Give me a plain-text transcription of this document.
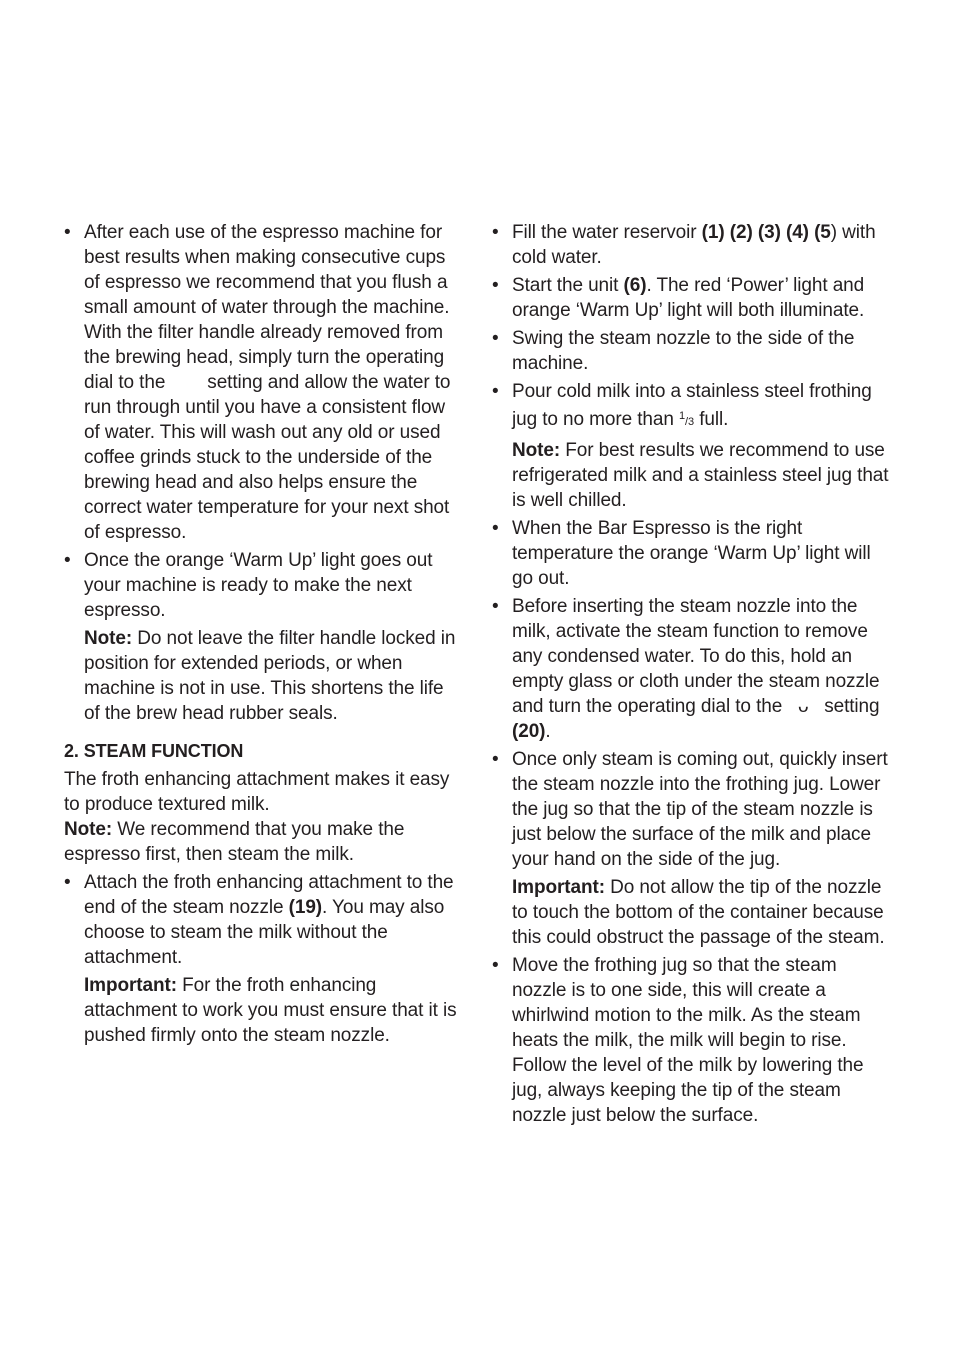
• After each use of the espresso machine for best results when making consecutive cups of espresso we recommend that you flush a small amount of water through the machine. With the filter handle already removed from the brewing head, simply turn the operating dial to the setting and allow the water to run through until you have a consistent flow of water. This will wash out any old or used coffee grinds stuck to the underside of the brewing head and also helps ensure the correct water temperature for your next shot of espresso.

• Once the orange ‘Warm Up’ light goes out your machine is ready to make the next espresso.

Note: Do not leave the filter handle locked in position for extended periods, or when machine is not in use. This shortens the life of the brew head rubber seals.
2. STEAM FUNCTION
The froth enhancing attachment makes it easy to produce textured milk.
Note: We recommend that you make the espresso first, then steam the milk.
• Attach the froth enhancing attachment to the end of the steam nozzle (19). You may also choose to steam the milk without the attachment.

Important: For the froth enhancing attachment to work you must ensure that it is pushed firmly onto the steam nozzle.
• Fill the water reservoir (1) (2) (3) (4) (5) with cold water.

• Start the unit (6). The red ‘Power’ light and orange ‘Warm Up’ light will both illuminate.

• Swing the steam nozzle to the side of the machine.

• Pour cold milk into a stainless steel frothing jug to no more than $^1$/3 full.

Note: For best results we recommend to use refrigerated milk and a stainless steel jug that is well chilled.
• When the Bar Espresso is the right temperature the orange ‘Warm Up’ light will go out.

• Before inserting the steam nozzle into the milk, activate the steam function to remove any condensed water. To do this, hold an empty glass or cloth under the steam nozzle and turn the operating dial to the ᴗ setting (20).

• Once only steam is coming out, quickly insert the steam nozzle into the frothing jug. Lower the jug so that the tip of the steam nozzle is just below the surface of the milk and place your hand on the side of the jug.

Important: Do not allow the tip of the nozzle to touch the bottom of the container because this could obstruct the passage of the steam.
• Move the frothing jug so that the steam nozzle is to one side, this will create a whirlwind motion to the milk. As the steam heats the milk, the milk will begin to rise. Follow the level of the milk by lowering the jug, always keeping the tip of the steam nozzle just below the surface.
